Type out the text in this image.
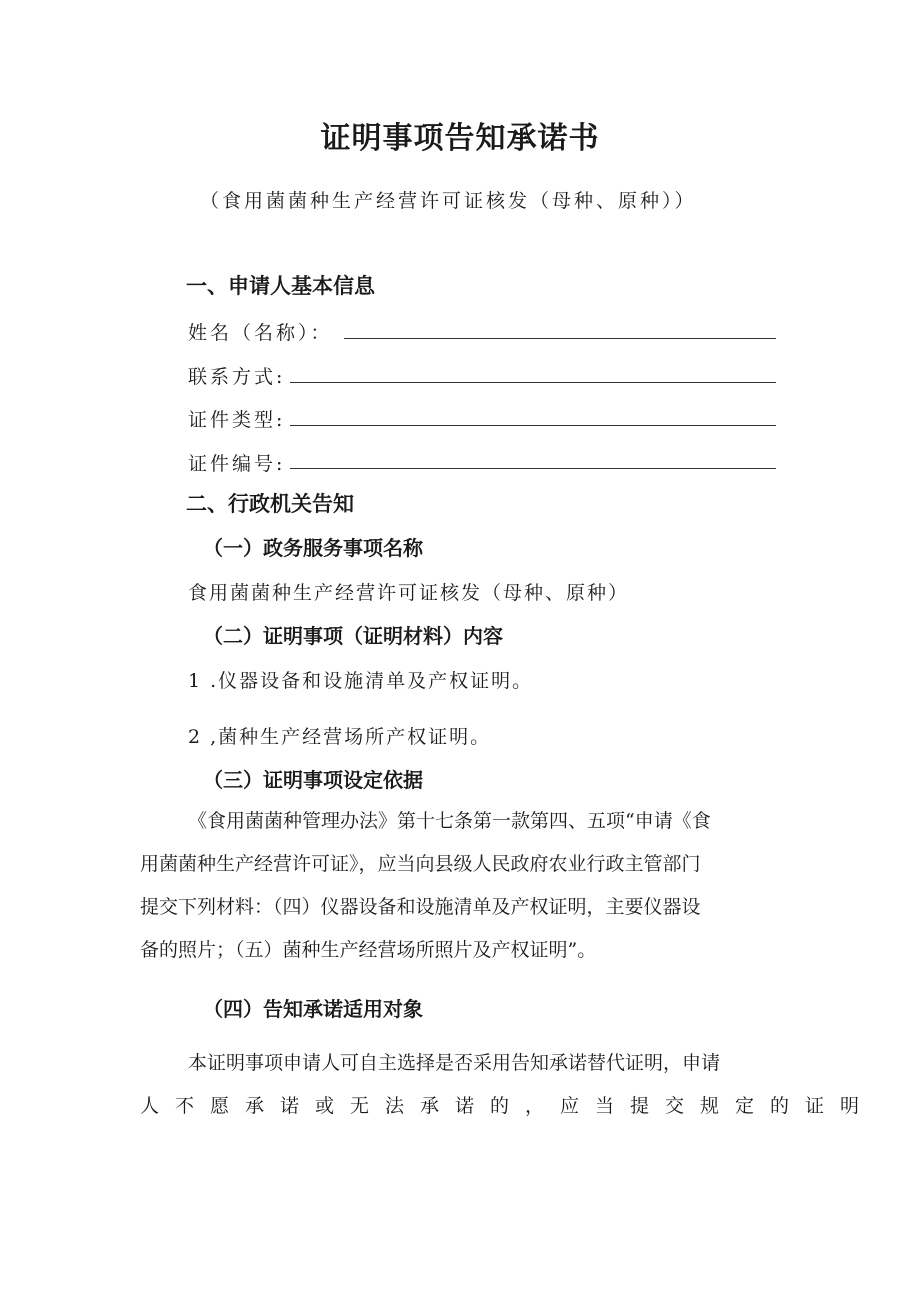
证明事项告知承诺书
（食用菌菌种生产经营许可证核发（母种、原种））
一、申请人基本信息
姓名（名称）：
联系方式:
证件类型:
证件编号:
二、行政机关告知
（一）政务服务事项名称
食用菌菌种生产经营许可证核发（母种、原种）
（二）证明事项（证明材料）内容
1 .仪器设备和设施清单及产权证明。
2 ,菌种生产经营场所产权证明。
（三）证明事项设定依据
《食用菌菌种管理办法》第十七条第一款第四、五项“申请《食
用菌菌种生产经营许可证》，应当向县级人民政府农业行政主管部门
提交下列材料：（四）仪器设备和设施清单及产权证明，主要仪器设
备的照片；（五）菌种生产经营场所照片及产权证明”。
（四）告知承诺适用对象
本证明事项申请人可自主选择是否采用告知承诺替代证明，申请
人不愿承诺或无法承诺的，应当提交规定的证明
